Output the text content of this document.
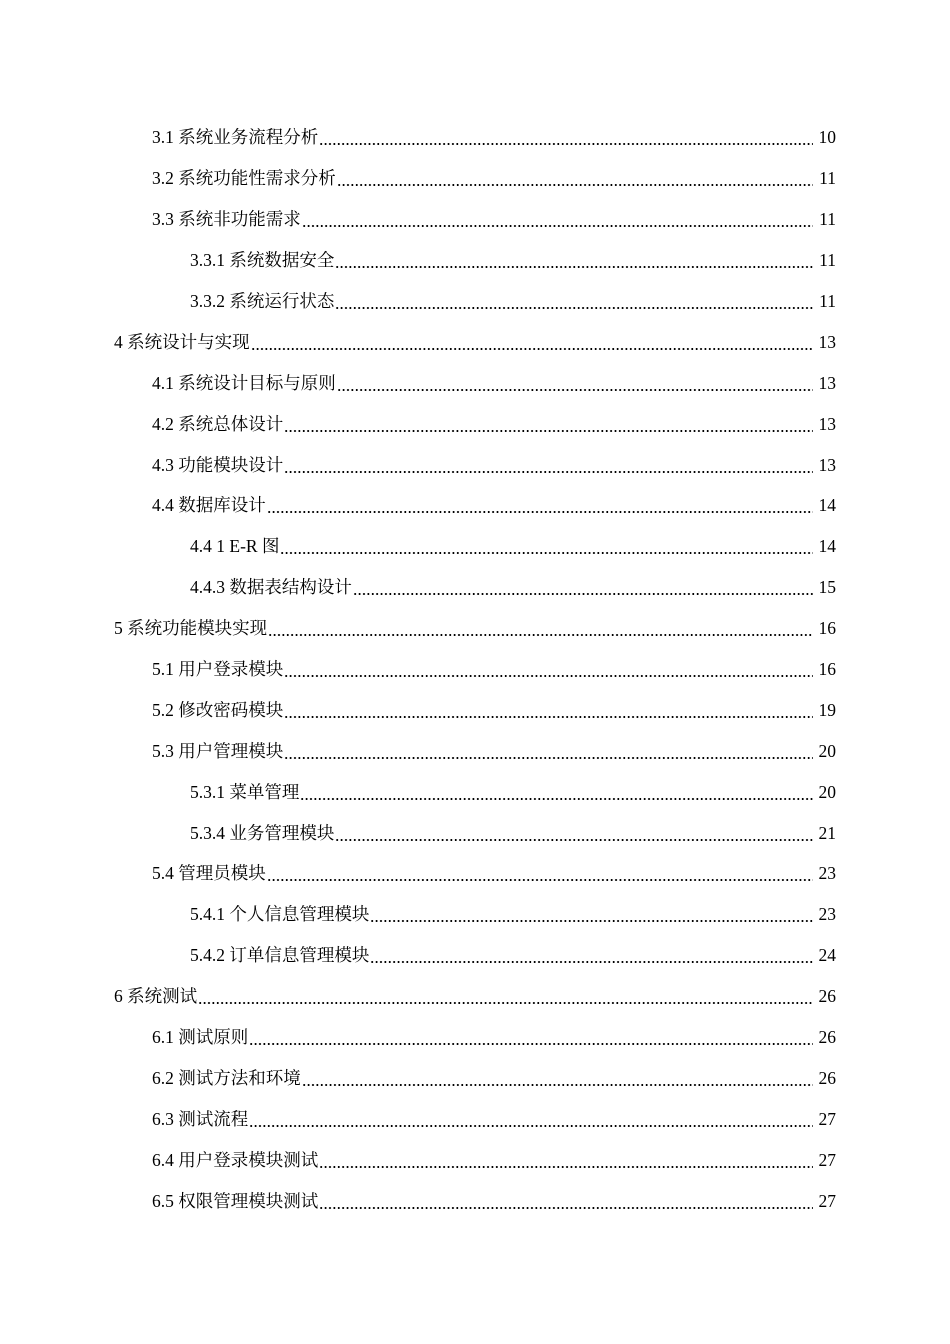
3.1 系统业务流程分析	10
3.2 系统功能性需求分析	11
3.3 系统非功能需求	11
3.3.1 系统数据安全	11
3.3.2 系统运行状态	11
4 系统设计与实现	13
4.1 系统设计目标与原则	13
4.2 系统总体设计	13
4.3 功能模块设计	13
4.4 数据库设计	14
4.4 1 E-R 图	14
4.4.3 数据表结构设计	15
5 系统功能模块实现	16
5.1 用户登录模块	16
5.2 修改密码模块	19
5.3 用户管理模块	20
5.3.1 菜单管理	20
5.3.4 业务管理模块	21
5.4 管理员模块	23
5.4.1 个人信息管理模块	23
5.4.2 订单信息管理模块	24
6 系统测试	26
6.1 测试原则	26
6.2 测试方法和环境	26
6.3 测试流程	27
6.4 用户登录模块测试	27
6.5 权限管理模块测试	27
